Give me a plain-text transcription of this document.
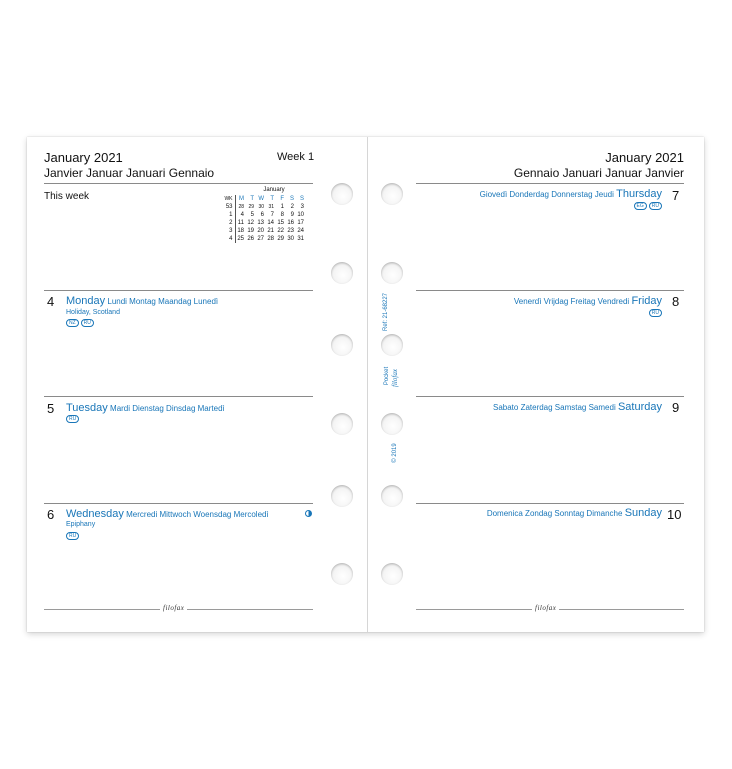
January 2021
Janvier Januar Januari Gennaio
Week 1
This week
January
WK	M	T	W	T	F	S	S
53	28	29	30	31	1	2	3
1	4	5	6	7	8	9	10
2	11	12	13	14	15	16	17
3	18	19	20	21	22	23	24
4	25	26	27	28	29	30	31
4 Monday Lundi Montag Maandag Lunedì
Holiday, Scotland
NZ	RU
5 Tuesday Mardi Dienstag Dinsdag Martedì
RU
6 Wednesday Mercredi Mittwoch Woensdag Mercoledì
Epiphany
RU
filofax
Ref: 21-68227
Pocket filofax
© 2019
January 2021
Gennaio Januari Januar Janvier
Giovedì Donderdag Donnerstag Jeudi Thursday 7
EG	RU
Venerdì Vrijdag Freitag Vendredi Friday 8
RU
Sabato Zaterdag Samstag Samedi Saturday 9
Domenica Zondag Sonntag Dimanche Sunday 10
filofax
